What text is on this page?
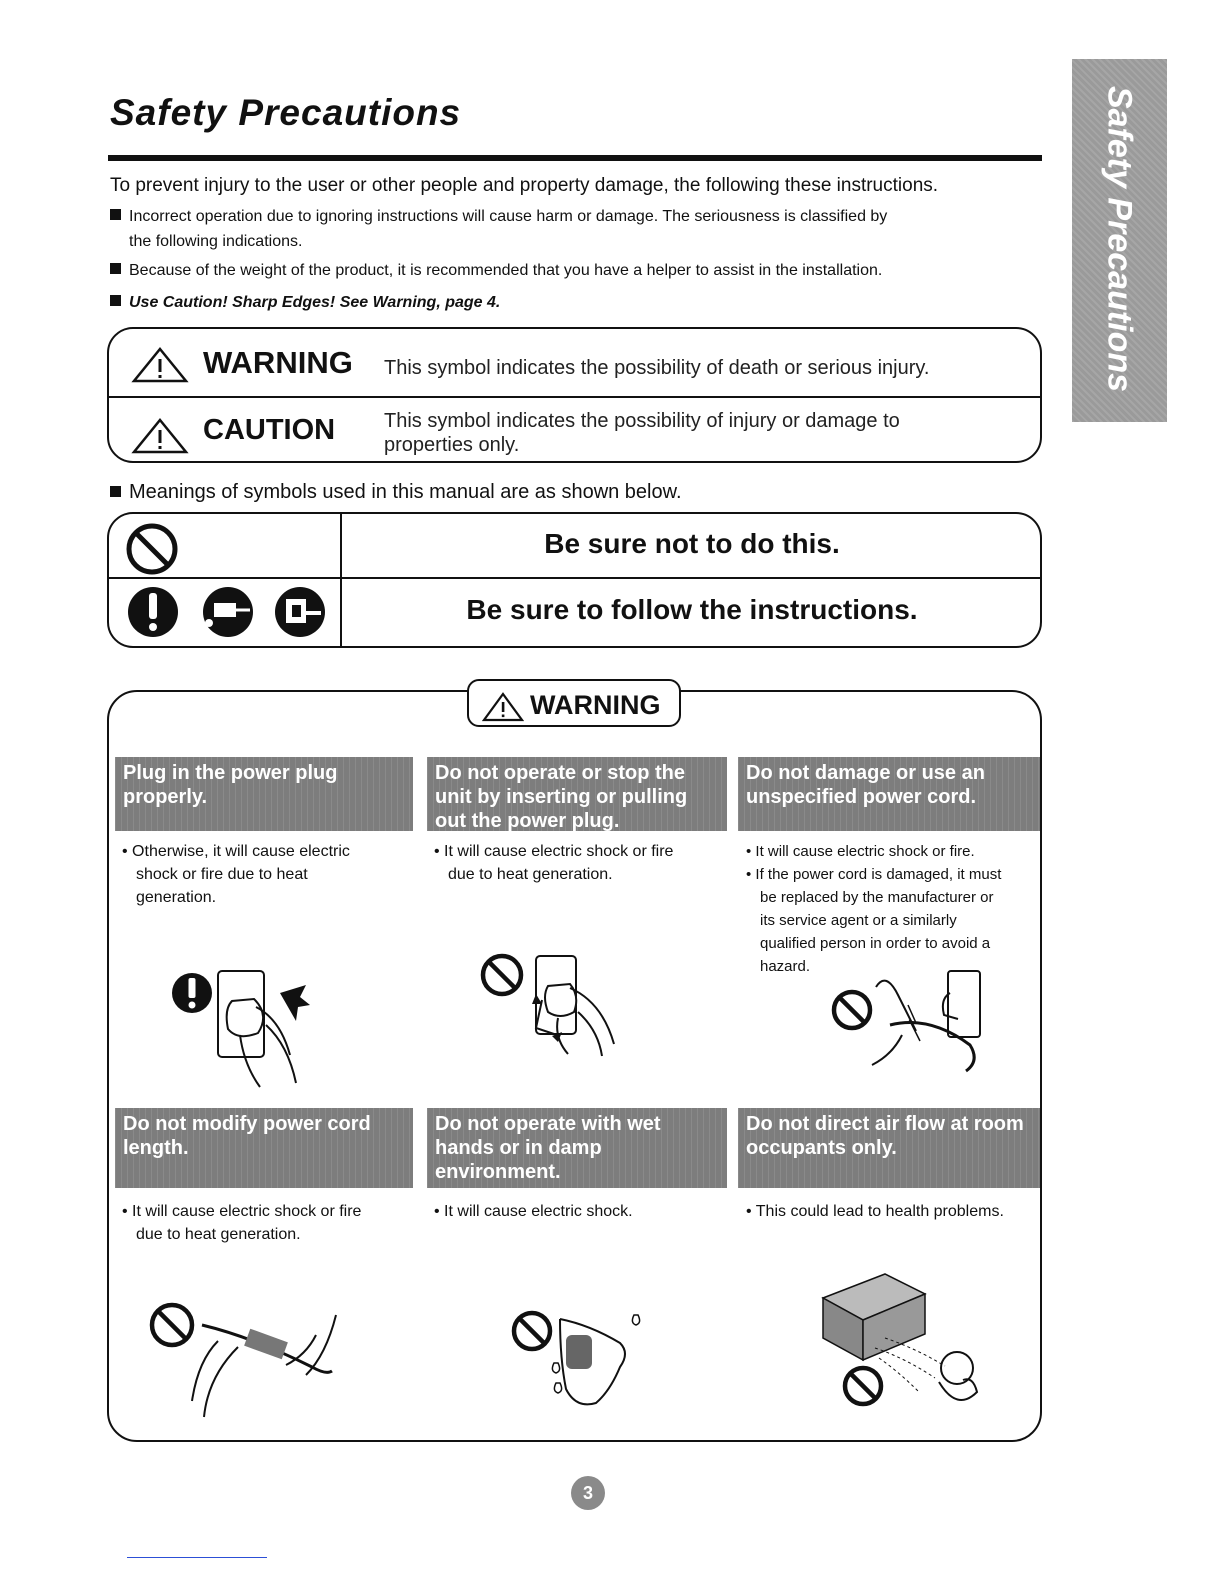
Safety Precautions
Safety Precautions
To prevent injury to the user or other people and property damage, the following these instructions.
Incorrect operation due to ignoring instructions will cause harm or damage. The seriousness is classified by
the following indications.
Because of the weight of the product, it is recommended that you have a helper to assist in the installation.
Use Caution! Sharp Edges! See Warning, page 4.
WARNING This symbol indicates the possibility of death or serious injury.
CAUTION This symbol indicates the possibility of injury or damage to
properties only.
Meanings of symbols used in this manual are as shown below.
Be sure not to do this.
Be sure to follow the instructions.
WARNING
Plug in the power plug
properly.
• Otherwise, it will cause electric
shock or fire due to heat
generation.
Do not operate or stop the
unit by inserting or pulling
out the power plug.
• It will cause electric shock or fire
due to heat generation.
Do not damage or use an
unspecified power cord.
• It will cause electric shock or fire.
• If the power cord is damaged, it must
be replaced by the manufacturer or
its service agent or a similarly
qualified person in order to avoid a
hazard.
Do not modify power cord
length.
• It will cause electric shock or fire
due to heat generation.
Do not operate with wet
hands or in damp
environment.
• It will cause electric shock.
Do not direct air flow at room
occupants only.
• This could lead to health problems.
3
